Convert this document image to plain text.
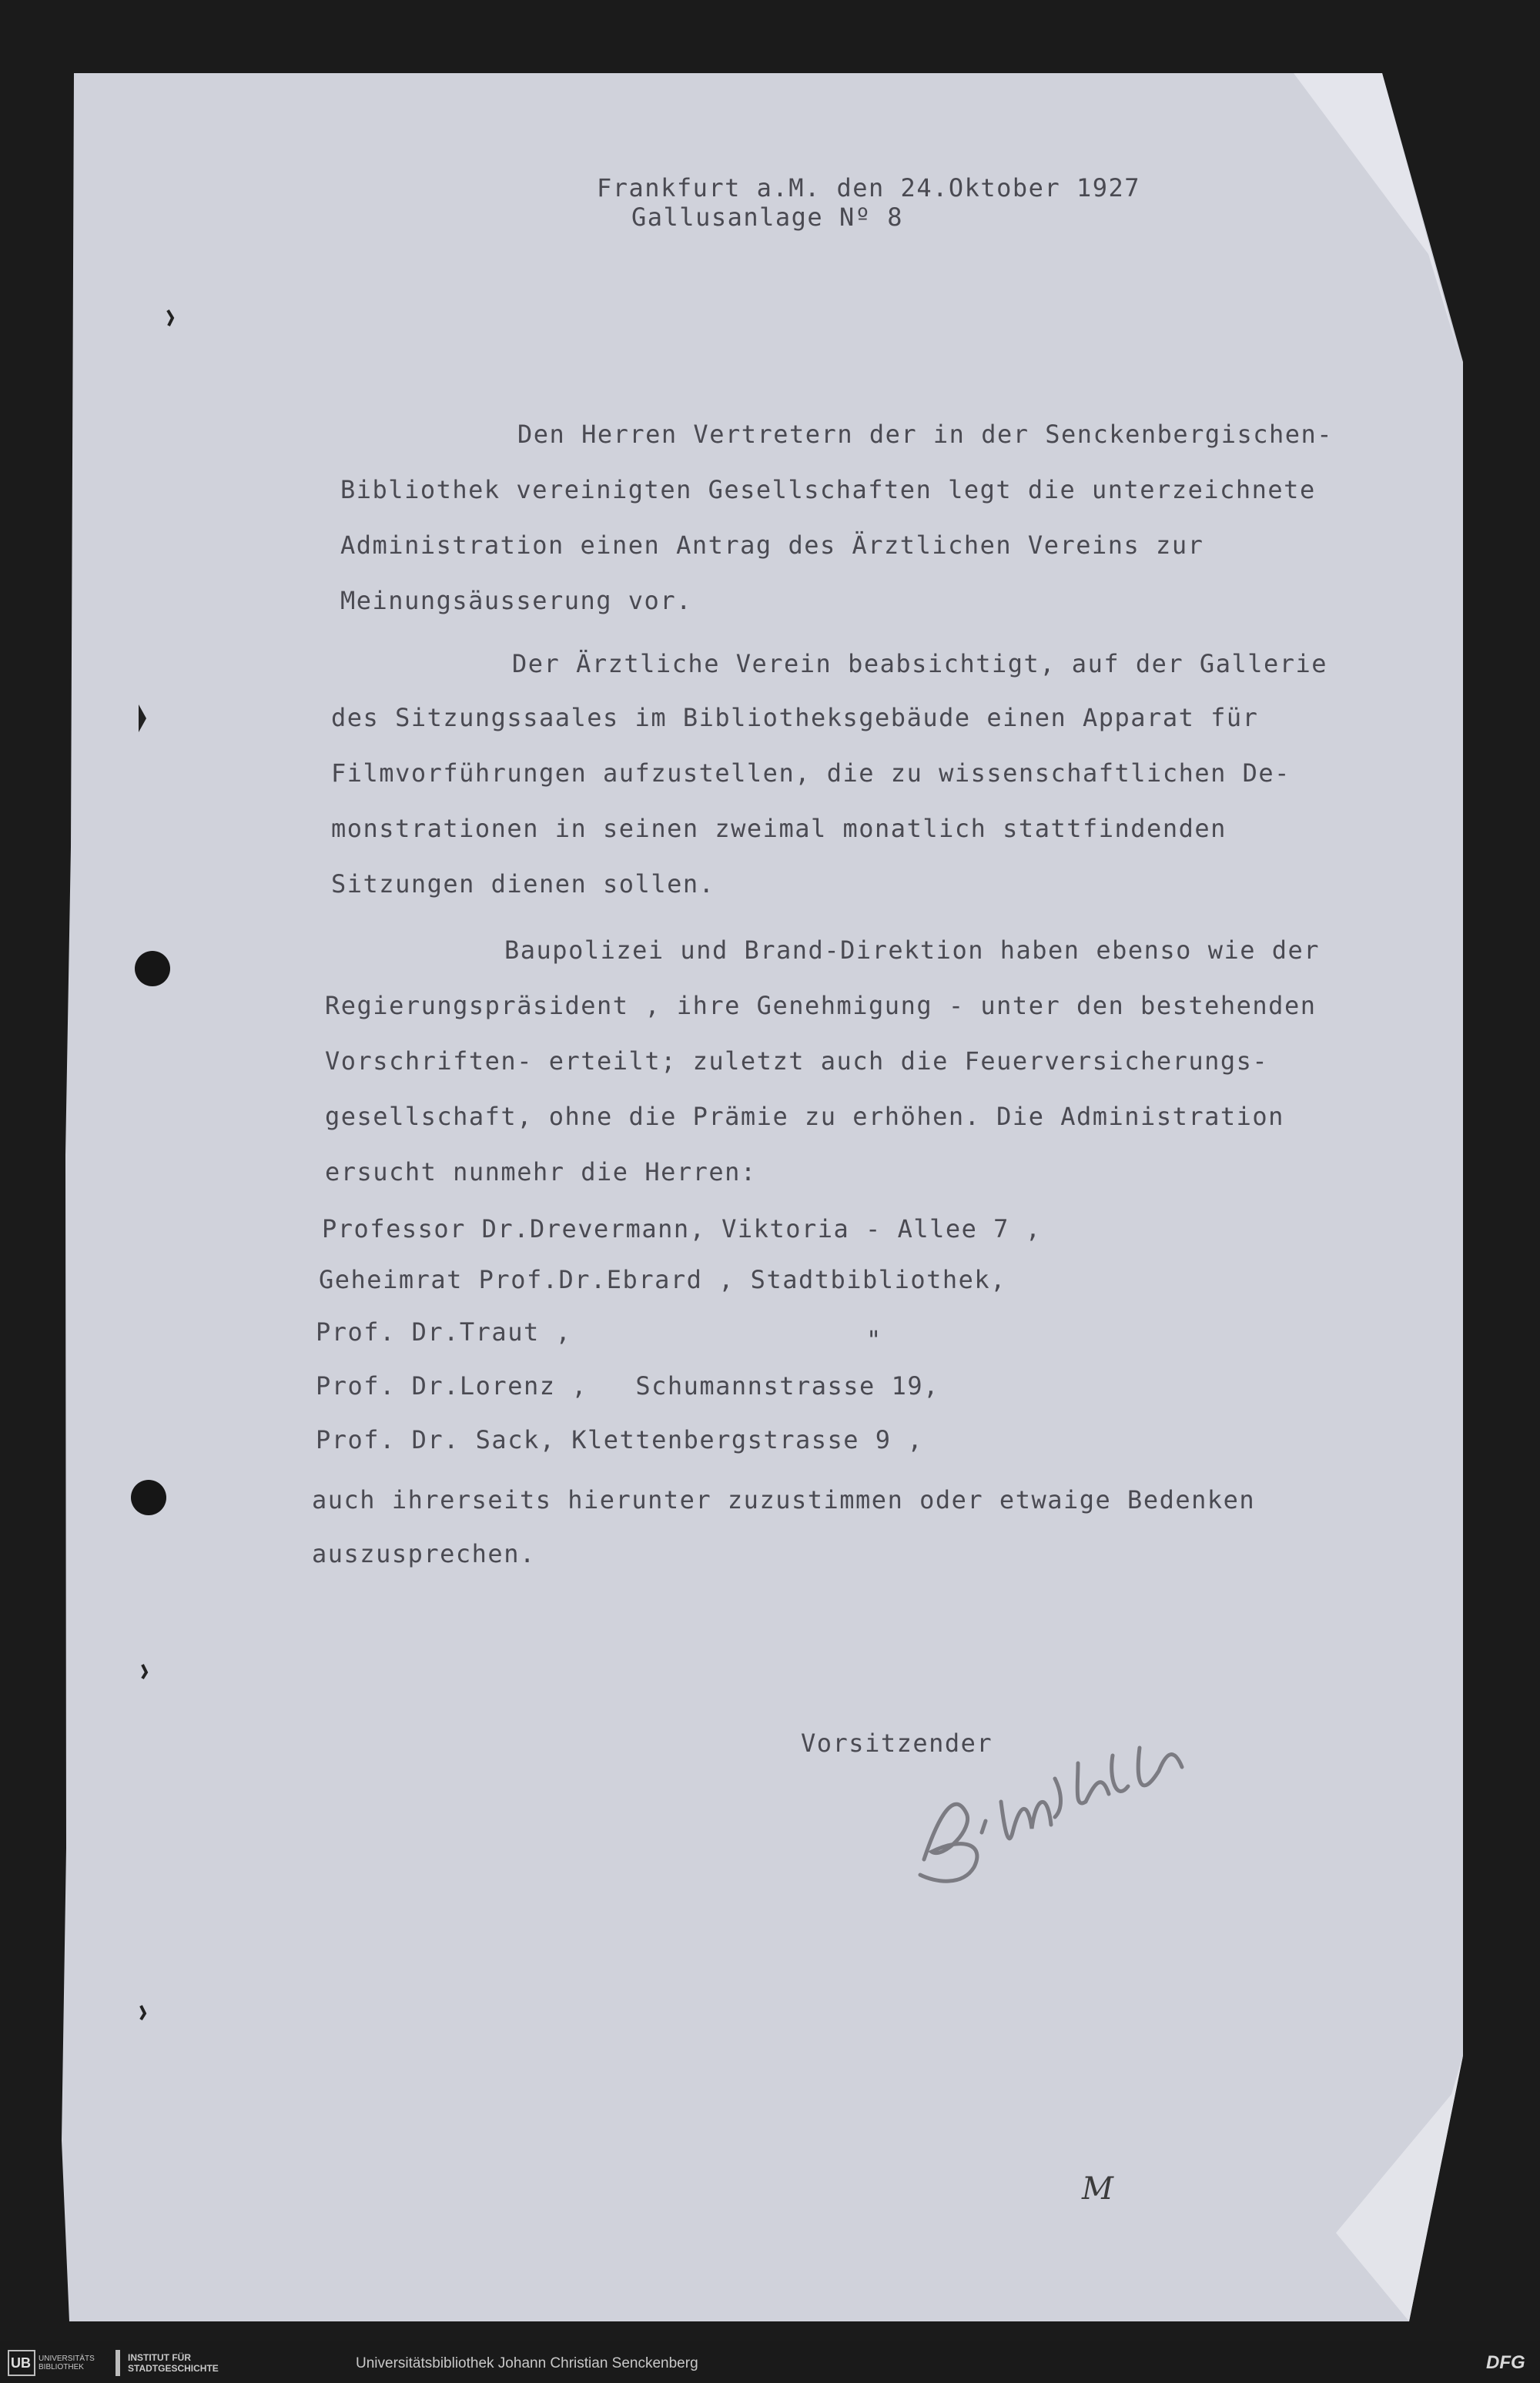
Frankfurt a.M. den 24.Oktober 1927
Gallusanlage Nº 8
Den Herren Vertretern der in der Senckenbergischen-
Bibliothek vereinigten Gesellschaften legt die unterzeichnete
Administration einen Antrag des Ärztlichen Vereins zur
Meinungsäusserung vor.
Der Ärztliche Verein beabsichtigt, auf der Gallerie
des Sitzungssaales im Bibliotheksgebäude einen Apparat für
Filmvorführungen aufzustellen, die zu wissenschaftlichen De-
monstrationen in seinen zweimal monatlich stattfindenden
Sitzungen dienen sollen.
Baupolizei und Brand-Direktion haben ebenso wie der
Regierungspräsident , ihre Genehmigung - unter den bestehenden
Vorschriften- erteilt; zuletzt auch die Feuerversicherungs-
gesellschaft, ohne die Prämie zu erhöhen. Die Administration
ersucht nunmehr die Herren:
Professor Dr.Drevermann, Viktoria - Allee 7 ,
Geheimrat Prof.Dr.Ebrard , Stadtbibliothek,
Prof. Dr.Traut ,	"
Prof. Dr.Lorenz ,   Schumannstrasse 19,
Prof. Dr. Sack, Klettenbergstrasse 9 ,
auch ihrerseits hierunter zuzustimmen oder etwaige Bedenken
auszusprechen.
Vorsitzender
M
UB UNIVERSITÄTS BIBLIOTHEK
INSTITUT FÜR
STADTGESCHICHTE	Universitätsbibliothek Johann Christian Senckenberg	DFG
